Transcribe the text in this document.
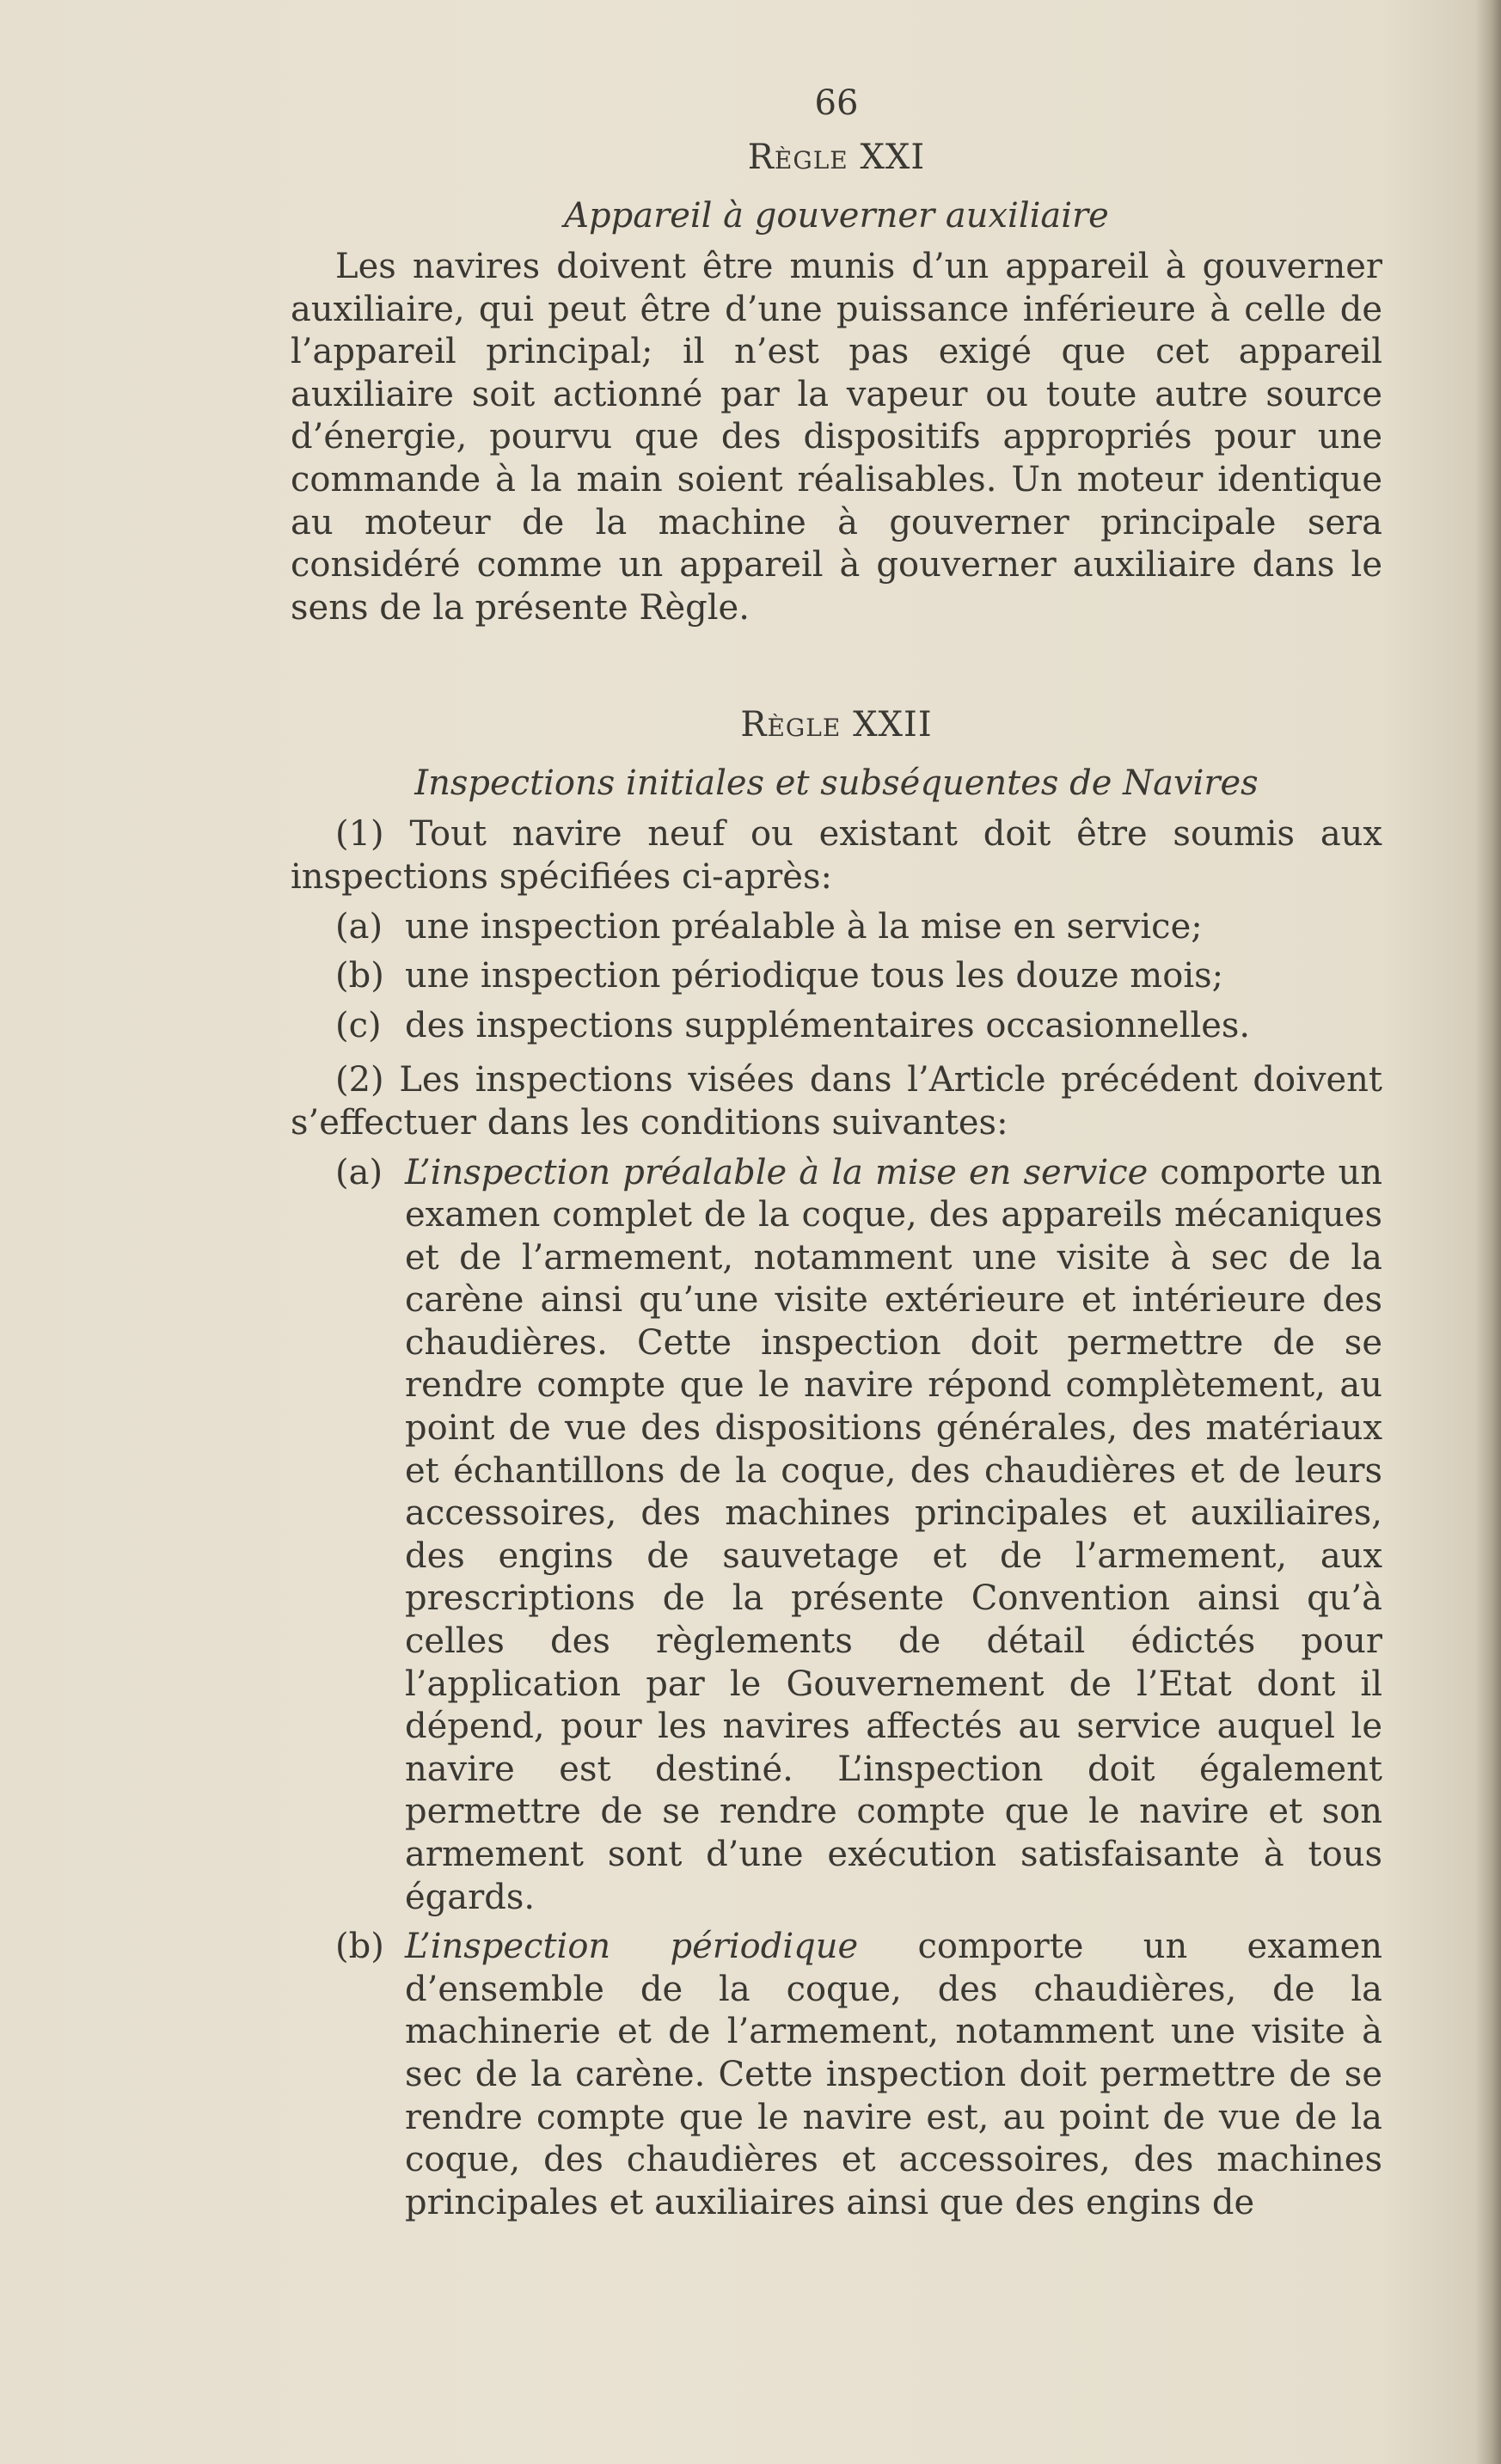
66
Règle XXI
Appareil à gouverner auxiliaire

Les navires doivent être munis d’un appareil à gouverner auxiliaire, qui peut être d’une puissance inférieure à celle de l’appareil principal; il n’est pas exigé que cet appareil auxiliaire soit actionné par la vapeur ou toute autre source d’énergie, pourvu que des dispositifs appropriés pour une commande à la main soient réalisables. Un moteur identique au moteur de la machine à gouverner principale sera considéré comme un appareil à gouverner auxiliaire dans le sens de la présente Règle.

Règle XXII
Inspections initiales et subséquentes de Navires

(1) Tout navire neuf ou existant doit être soumis aux inspections spécifiées ci-après:

(a) une inspection préalable à la mise en service;
(b) une inspection périodique tous les douze mois;
(c) des inspections supplémentaires occasionnelles.

(2) Les inspections visées dans l’Article précédent doivent s’effectuer dans les conditions suivantes:

(a) L’inspection préalable à la mise en service comporte un examen complet de la coque, des appareils mécaniques et de l’armement, notamment une visite à sec de la carène ainsi qu’une visite extérieure et intérieure des chaudières. Cette inspection doit permettre de se rendre compte que le navire répond complètement, au point de vue des dispositions générales, des matériaux et échantillons de la coque, des chaudières et de leurs accessoires, des machines principales et auxiliaires, des engins de sauvetage et de l’armement, aux prescriptions de la présente Convention ainsi qu’à celles des règlements de détail édictés pour l’application par le Gouvernement de l’Etat dont il dépend, pour les navires affectés au service auquel le navire est destiné. L’inspection doit également permettre de se rendre compte que le navire et son armement sont d’une exécution satisfaisante à tous égards.
(b) L’inspection périodique comporte un examen d’ensemble de la coque, des chaudières, de la machinerie et de l’armement, notamment une visite à sec de la carène. Cette inspection doit permettre de se rendre compte que le navire est, au point de vue de la coque, des chaudières et accessoires, des machines principales et auxiliaires ainsi que des engins de
